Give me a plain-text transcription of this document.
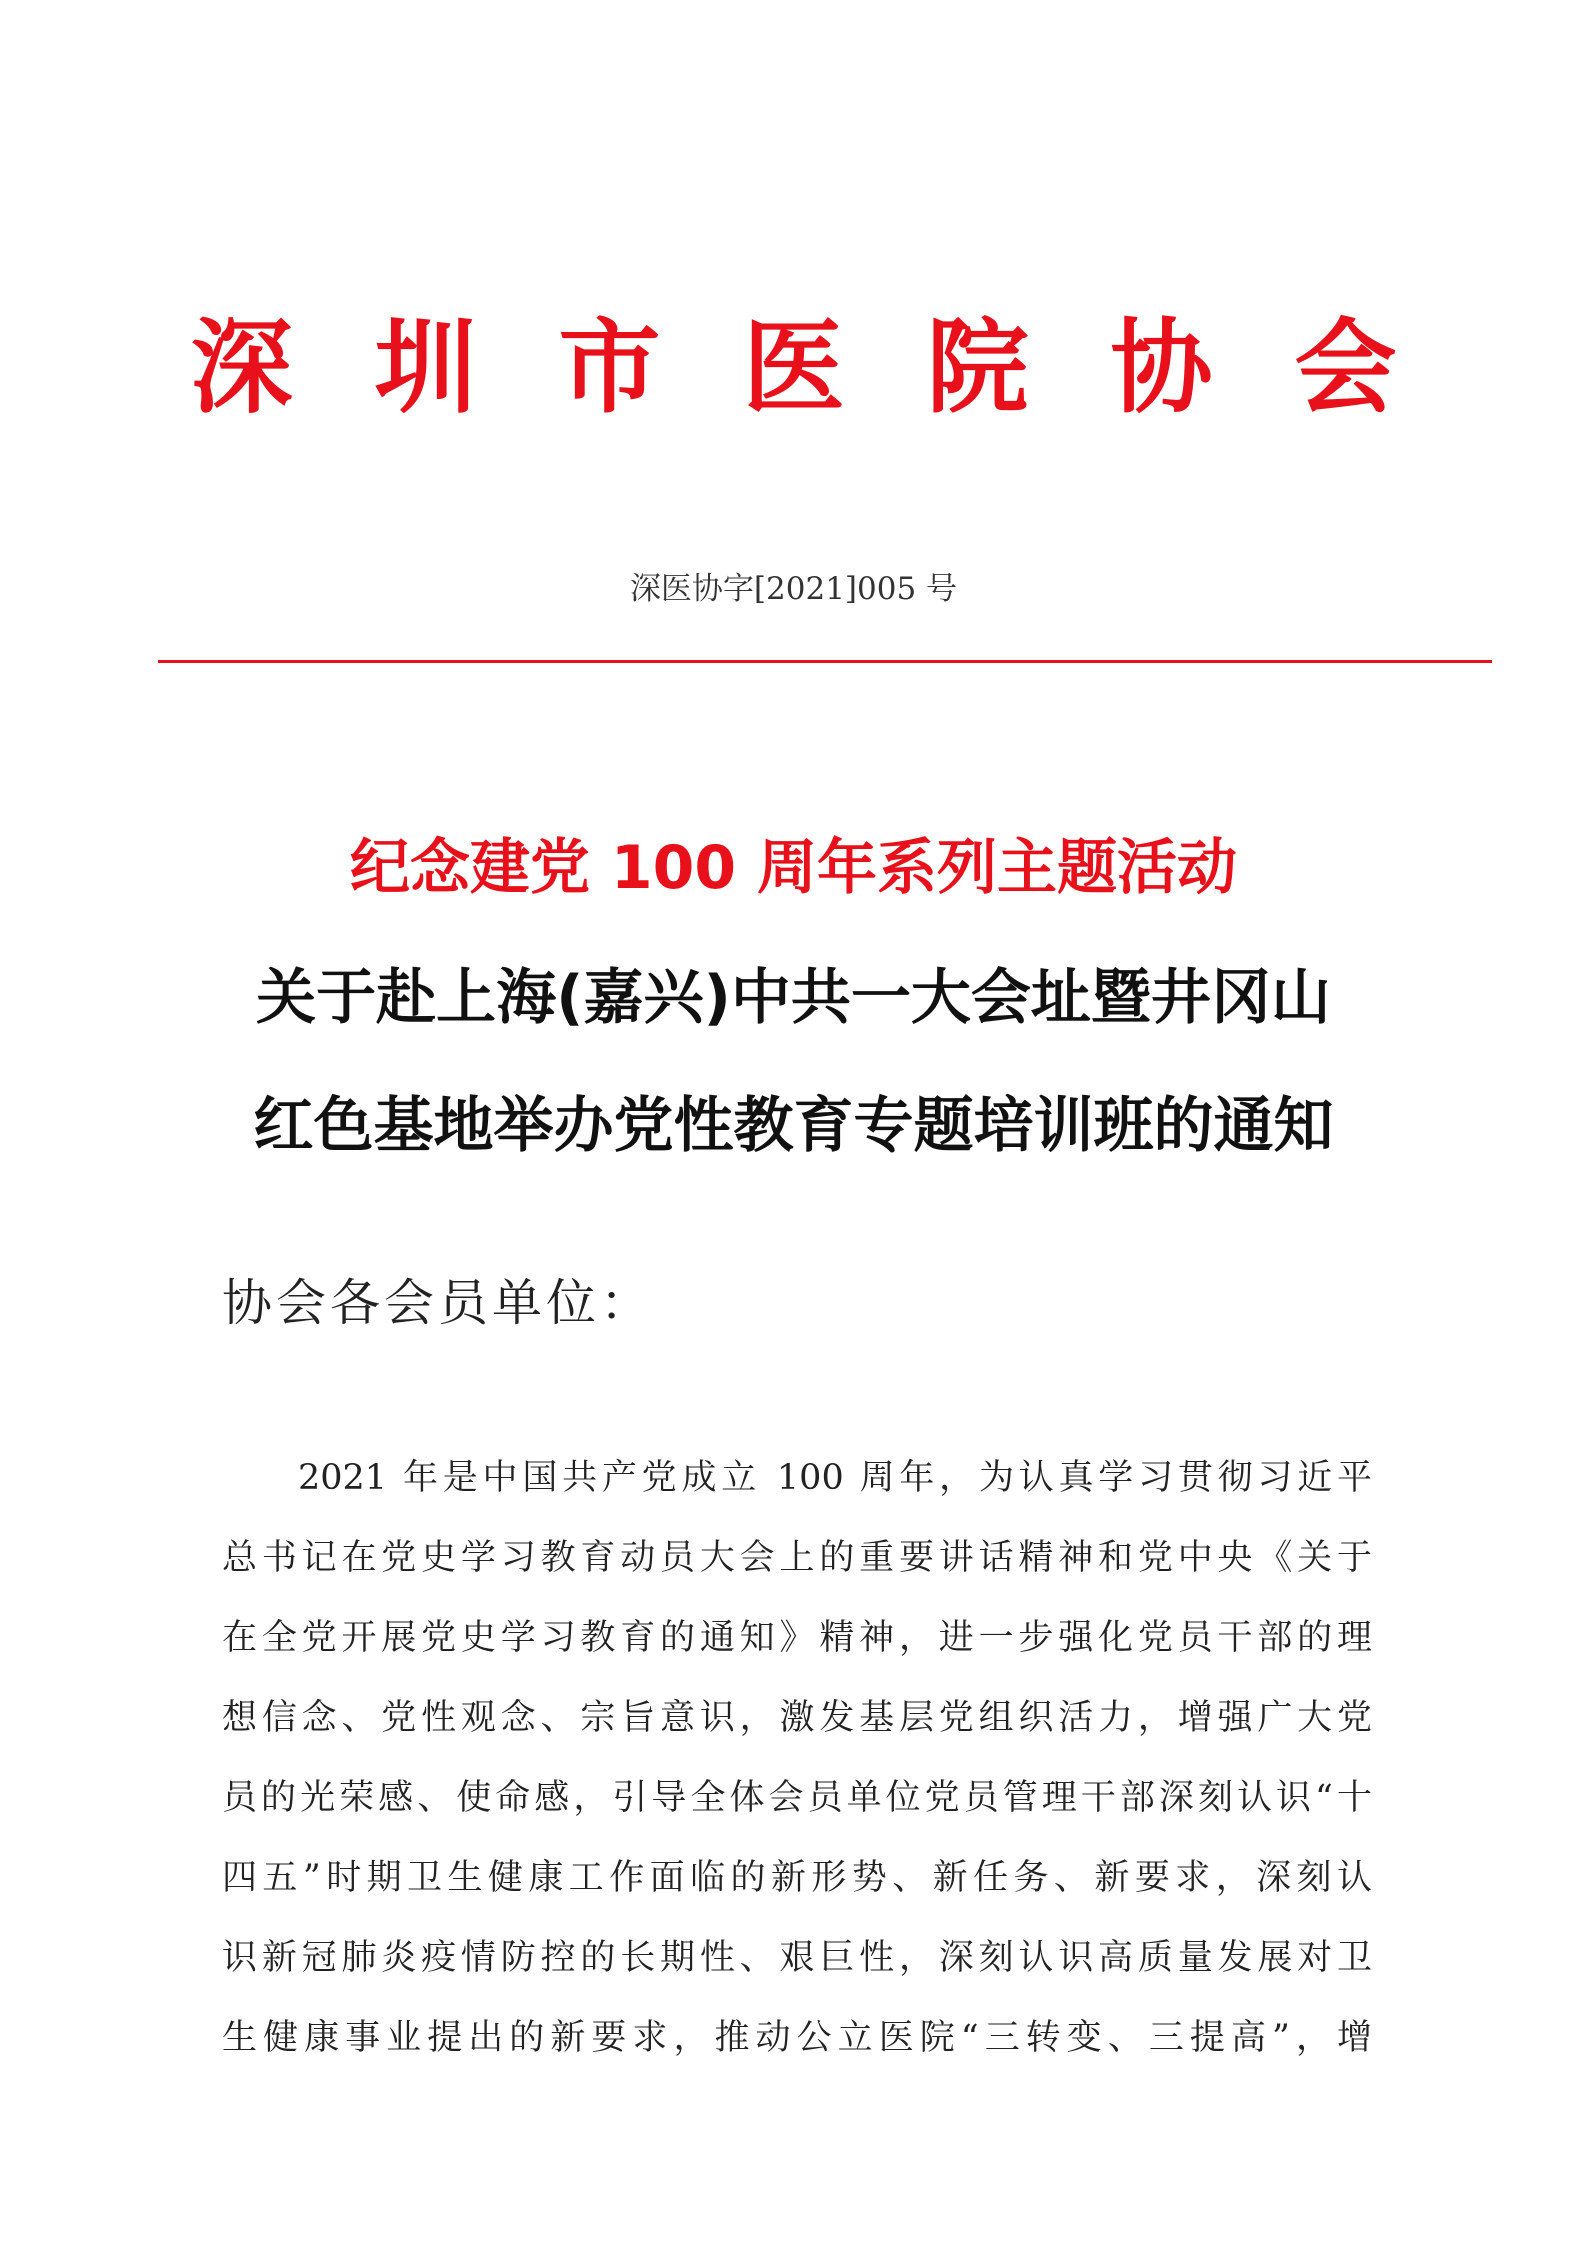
深圳市医院协会
深医协字[2021]005 号
纪念建党 100 周年系列主题活动
关于赴上海(嘉兴)中共一大会址暨井冈山
红色基地举办党性教育专题培训班的通知
协会各会员单位：
2021 年是中国共产党成立 100 周年，为认真学习贯彻习近平
总书记在党史学习教育动员大会上的重要讲话精神和党中央《关于
在全党开展党史学习教育的通知》精神，进一步强化党员干部的理
想信念、党性观念、宗旨意识，激发基层党组织活力，增强广大党
员的光荣感、使命感，引导全体会员单位党员管理干部深刻认识“十
四五”时期卫生健康工作面临的新形势、新任务、新要求，深刻认
识新冠肺炎疫情防控的长期性、艰巨性，深刻认识高质量发展对卫
生健康事业提出的新要求，推动公立医院“三转变、三提高”，增
